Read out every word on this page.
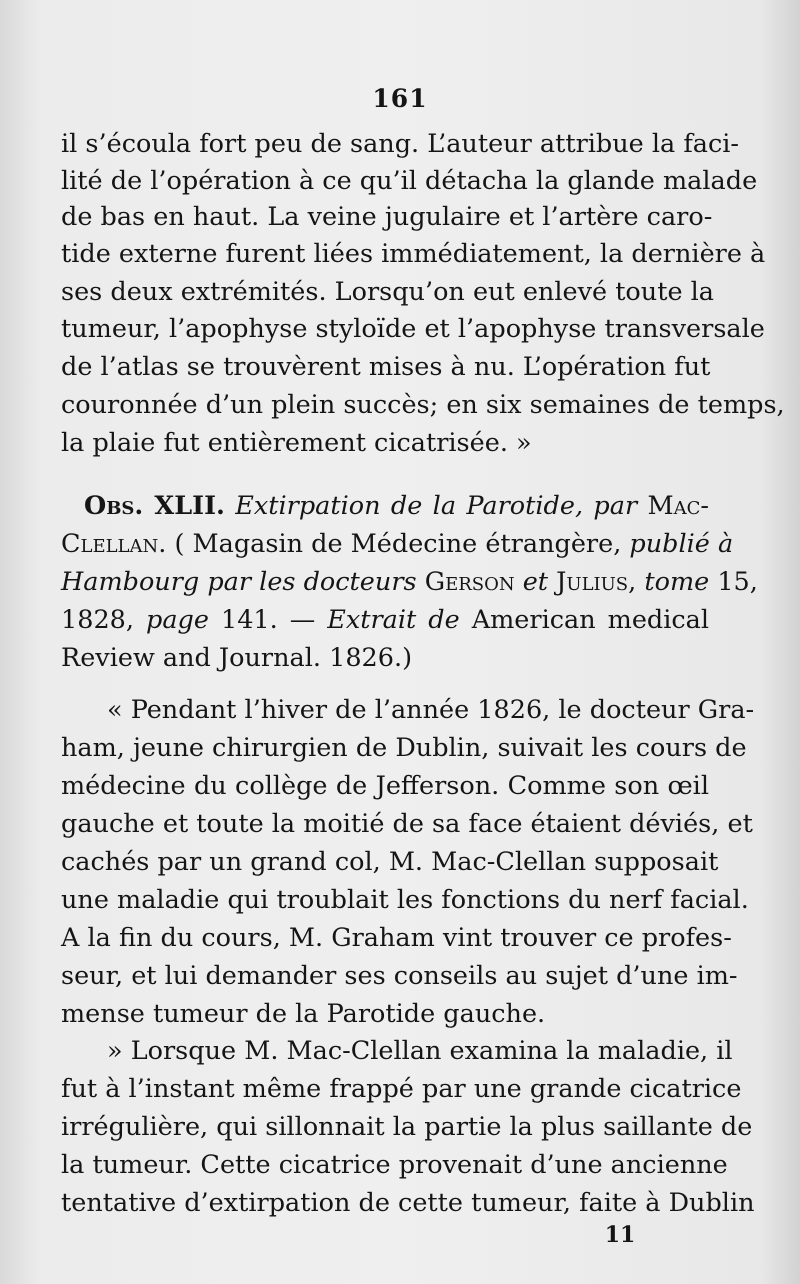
161
il s’écoula fort peu de sang. L’auteur attribue la faci-
lité de l’opération à ce qu’il détacha la glande malade
de bas en haut. La veine jugulaire et l’artère caro-
tide externe furent liées immédiatement, la dernière à
ses deux extrémités. Lorsqu’on eut enlevé toute la
tumeur, l’apophyse styloïde et l’apophyse transversale
de l’atlas se trouvèrent mises à nu. L’opération fut
couronnée d’un plein succès; en six semaines de temps,
la plaie fut entièrement cicatrisée. »
Obs. XLII. Extirpation de la Parotide, par Mac-
Clellan. ( Magasin de Médecine étrangère, publié à
Hambourg par les docteurs Gerson et Julius, tome 15,
1828, page 141. — Extrait de American medical
Review and Journal. 1826.)
« Pendant l’hiver de l’année 1826, le docteur Gra-
ham, jeune chirurgien de Dublin, suivait les cours de
médecine du collège de Jefferson. Comme son œil
gauche et toute la moitié de sa face étaient déviés, et
cachés par un grand col, M. Mac-Clellan supposait
une maladie qui troublait les fonctions du nerf facial.
A la fin du cours, M. Graham vint trouver ce profes-
seur, et lui demander ses conseils au sujet d’une im-
mense tumeur de la Parotide gauche.
» Lorsque M. Mac-Clellan examina la maladie, il
fut à l’instant même frappé par une grande cicatrice
irrégulière, qui sillonnait la partie la plus saillante de
la tumeur. Cette cicatrice provenait d’une ancienne
tentative d’extirpation de cette tumeur, faite à Dublin
11
